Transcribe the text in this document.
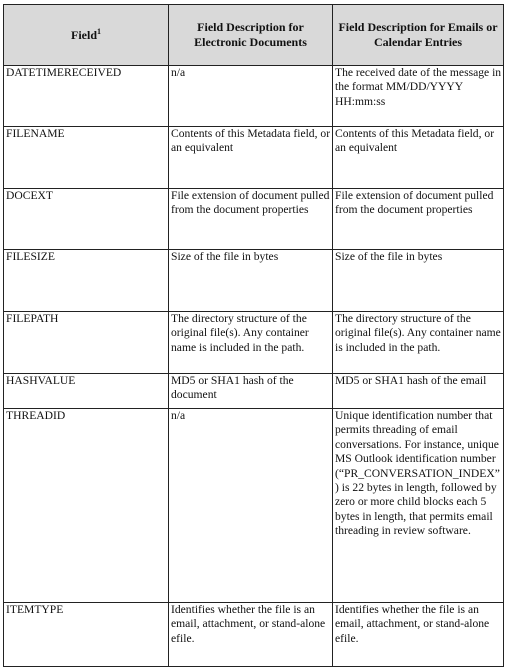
Field$^1$	Field Description for Electronic Documents	Field Description for Emails or Calendar Entries
DATETIMERECEIVED	n/a	The received date of the message in the format MM/DD/YYYY HH:mm:ss
FILENAME	Contents of this Metadata field, or an equivalent	Contents of this Metadata field, or an equivalent
DOCEXT	File extension of document pulled from the document properties	File extension of document pulled from the document properties
FILESIZE	Size of the file in bytes	Size of the file in bytes
FILEPATH	The directory structure of the original file(s). Any container name is included in the path.	The directory structure of the original file(s). Any container name is included in the path.
HASHVALUE	MD5 or SHA1 hash of the document	MD5 or SHA1 hash of the email
THREADID	n/a	Unique identification number that permits threading of email conversations. For instance, unique MS Outlook identification number (“PR_CONVERSATION_INDEX”) is 22 bytes in length, followed by zero or more child blocks each 5 bytes in length, that permits email threading in review software.
ITEMTYPE	Identifies whether the file is an email, attachment, or stand-alone efile.	Identifies whether the file is an email, attachment, or stand-alone efile.
